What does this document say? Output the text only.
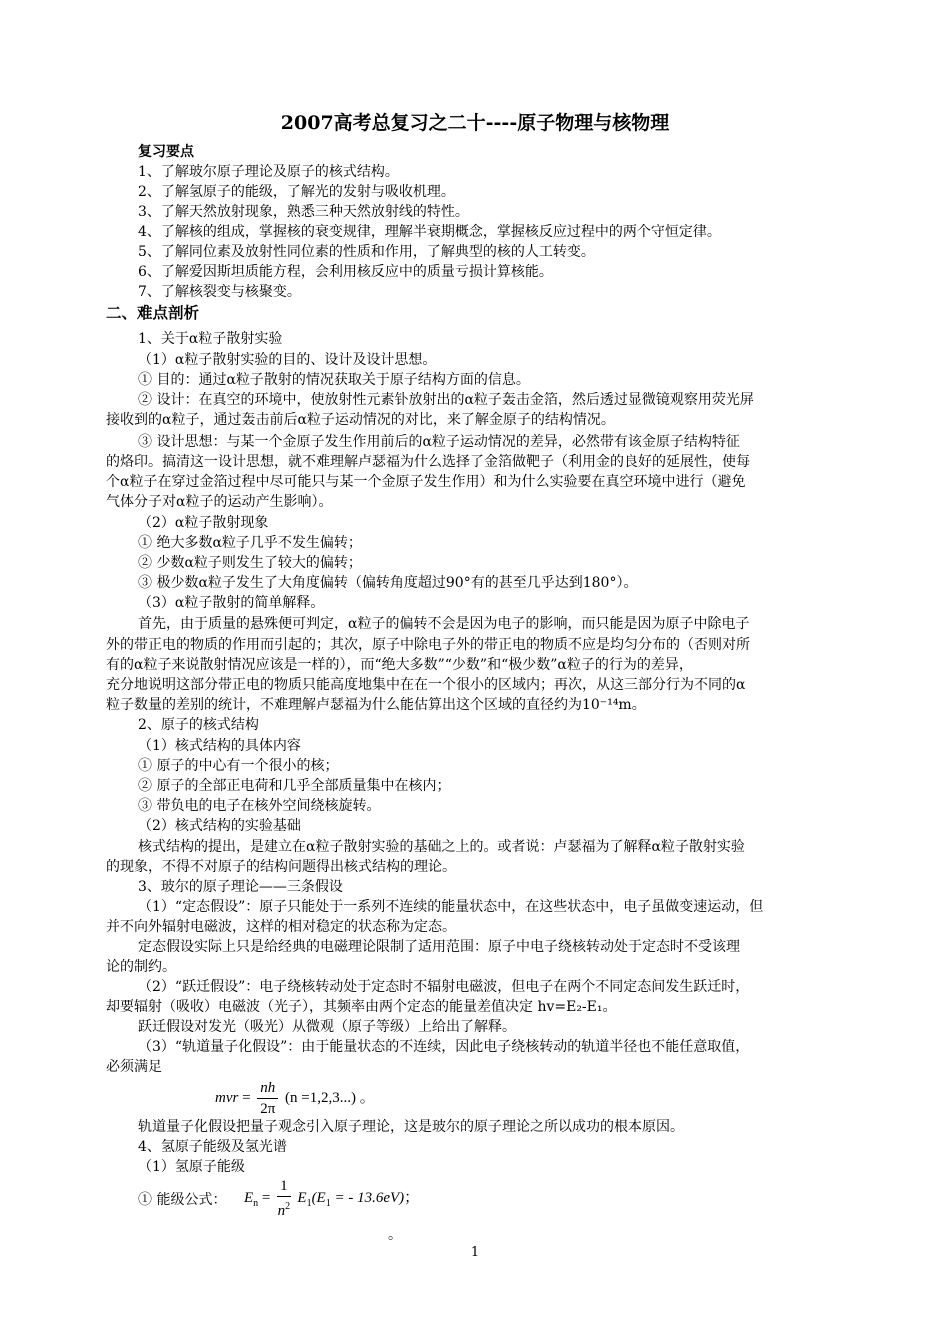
2007高考总复习之二十----原子物理与核物理
复习要点
1、了解玻尔原子理论及原子的核式结构。
2、了解氢原子的能级，了解光的发射与吸收机理。
3、了解天然放射现象，熟悉三种天然放射线的特性。
4、了解核的组成，掌握核的衰变规律，理解半衰期概念，掌握核反应过程中的两个守恒定律。
5、了解同位素及放射性同位素的性质和作用，了解典型的核的人工转变。
6、了解爱因斯坦质能方程，会利用核反应中的质量亏损计算核能。
7、了解核裂变与核聚变。
二、难点剖析
1、关于α粒子散射实验
（1）α粒子散射实验的目的、设计及设计思想。
① 目的：通过α粒子散射的情况获取关于原子结构方面的信息。
② 设计：在真空的环境中，使放射性元素钋放射出的α粒子轰击金箔，然后透过显微镜观察用荧光屏
接收到的α粒子，通过轰击前后α粒子运动情况的对比，来了解金原子的结构情况。
③ 设计思想：与某一个金原子发生作用前后的α粒子运动情况的差异，必然带有该金原子结构特征
的烙印。搞清这一设计思想，就不难理解卢瑟福为什么选择了金箔做靶子（利用金的良好的延展性，使每
个α粒子在穿过金箔过程中尽可能只与某一个金原子发生作用）和为什么实验要在真空环境中进行（避免
气体分子对α粒子的运动产生影响）。
（2）α粒子散射现象
① 绝大多数α粒子几乎不发生偏转；
② 少数α粒子则发生了较大的偏转；
③ 极少数α粒子发生了大角度偏转（偏转角度超过90°有的甚至几乎达到180°）。
（3）α粒子散射的简单解释。
首先，由于质量的悬殊便可判定，α粒子的偏转不会是因为电子的影响，而只能是因为原子中除电子
外的带正电的物质的作用而引起的；其次，原子中除电子外的带正电的物质不应是均匀分布的（否则对所
有的α粒子来说散射情况应该是一样的），而“绝大多数”“少数”和“极少数”α粒子的行为的差异，
充分地说明这部分带正电的物质只能高度地集中在在一个很小的区域内；再次，从这三部分行为不同的α
粒子数量的差别的统计，不难理解卢瑟福为什么能估算出这个区域的直径约为10⁻¹⁴m。
2、原子的核式结构
（1）核式结构的具体内容
① 原子的中心有一个很小的核；
② 原子的全部正电荷和几乎全部质量集中在核内；
③ 带负电的电子在核外空间绕核旋转。
（2）核式结构的实验基础
核式结构的提出，是建立在α粒子散射实验的基础之上的。或者说：卢瑟福为了解释α粒子散射实验
的现象，不得不对原子的结构问题得出核式结构的理论。
3、玻尔的原子理论——三条假设
（1）“定态假设”：原子只能处于一系列不连续的能量状态中，在这些状态中，电子虽做变速运动，但
并不向外辐射电磁波，这样的相对稳定的状态称为定态。
定态假设实际上只是给经典的电磁理论限制了适用范围：原子中电子绕核转动处于定态时不受该理
论的制约。
（2）“跃迁假设”：电子绕核转动处于定态时不辐射电磁波，但电子在两个不同定态间发生跃迁时，
却要辐射（吸收）电磁波（光子），其频率由两个定态的能量差值决定 hv=E₂-E₁。
跃迁假设对发光（吸光）从微观（原子等级）上给出了解释。
（3）“轨道量子化假设”：由于能量状态的不连续，因此电子绕核转动的轨道半径也不能任意取值，
必须满足
mvr = $\frac{nh}{2\pi} (n =1,2,3...)$ 。
轨道量子化假设把量子观念引入原子理论，这是玻尔的原子理论之所以成功的根本原因。
4、氢原子能级及氢光谱
（1）氢原子能级
① 能级公式： $E_n = \frac{1}{n^2} E_1(E_1$ = - 13.6eV)；
。
1
